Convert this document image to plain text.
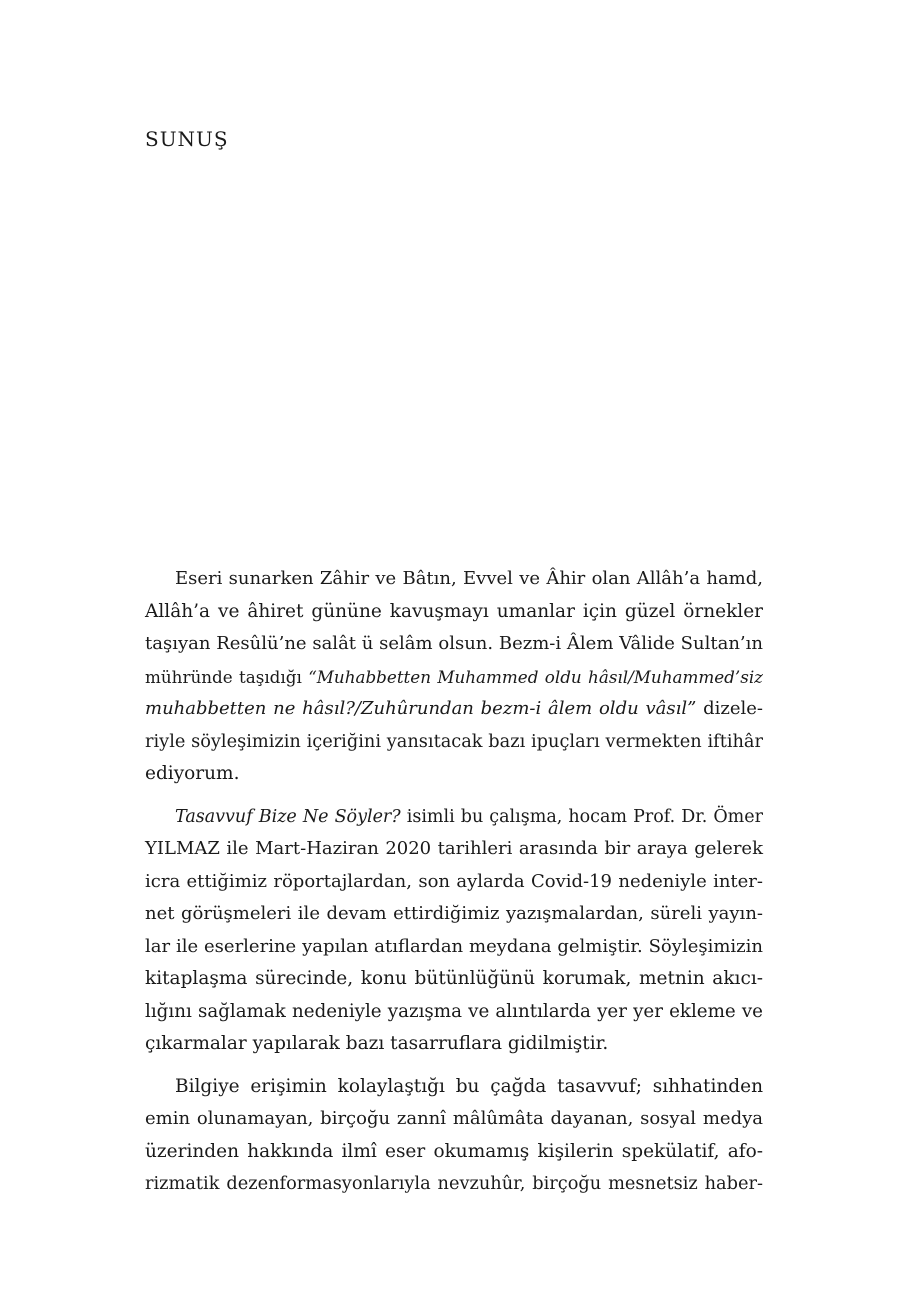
SUNUŞ

Eseri sunarken Zâhir ve Bâtın, Evvel ve Âhir olan Allâh’a hamd,
Allâh’a ve âhiret gününe kavuşmayı umanlar için güzel örnekler
taşıyan Resûlü’ne salât ü selâm olsun. Bezm-i Âlem Vâlide Sultan’ın
mühründe taşıdığı “Muhabbetten Muhammed oldu hâsıl/Muhammed’siz
muhabbetten ne hâsıl?/Zuhûrundan bezm-i âlem oldu vâsıl” dizele-
riyle söyleşimizin içeriğini yansıtacak bazı ipuçları vermekten iftihâr
ediyorum.

Tasavvuf Bize Ne Söyler? isimli bu çalışma, hocam Prof. Dr. Ömer
YILMAZ ile Mart-Haziran 2020 tarihleri arasında bir araya gelerek
icra ettiğimiz röportajlardan, son aylarda Covid-19 nedeniyle inter-
net görüşmeleri ile devam ettirdiğimiz yazışmalardan, süreli yayın-
lar ile eserlerine yapılan atıflardan meydana gelmiştir. Söyleşimizin
kitaplaşma sürecinde, konu bütünlüğünü korumak, metnin akıcı-
lığını sağlamak nedeniyle yazışma ve alıntılarda yer yer ekleme ve
çıkarmalar yapılarak bazı tasarruflara gidilmiştir.

Bilgiye erişimin kolaylaştığı bu çağda tasavvuf; sıhhatinden
emin olunamayan, birçoğu zannî mâlûmâta dayanan, sosyal medya
üzerinden hakkında ilmî eser okumamış kişilerin spekülatif, afo-
rizmatik dezenformasyonlarıyla nevzuhûr, birçoğu mesnetsiz haber-
